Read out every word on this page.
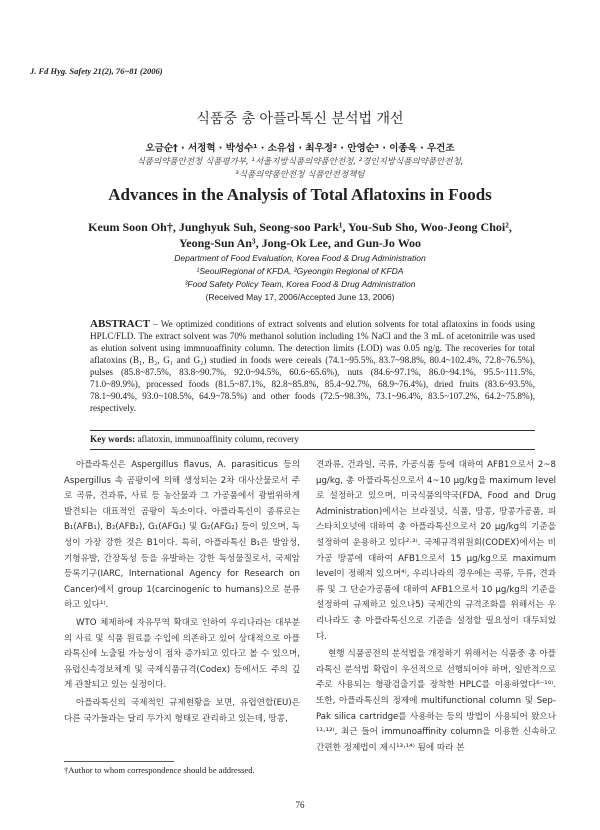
J. Fd Hyg. Safety 21(2), 76~81 (2006)
식품중 총 아플라톡신 분석법 개선
오금순† · 서정혁 · 박성수¹ · 소유섭 · 최우정² · 안영순³ · 이종옥 · 우건조
식품의약품안전청 식품평가부, ¹서울지방식품의약품안전청, ²경인지방식품의약품안전청,
³식품의약품안전청 식품안전정책팀
Advances in the Analysis of Total Aflatoxins in Foods
Keum Soon Oh†, Junghyuk Suh, Seong-soo Park¹, You-Sub Sho, Woo-Jeong Choi²,
Yeong-Sun An³, Jong-Ok Lee, and Gun-Jo Woo
Department of Food Evaluation, Korea Food & Drug Administration
¹SeoulRegional of KFDA, ²Gyeongin Regional of KFDA
³Food Safety Policy Team, Korea Food & Drug Administration
(Received May 17, 2006/Accepted June 13, 2006)
ABSTRACT – We optimized conditions of extract solvents and elution solvents for total aflatoxins in foods using HPLC/FLD. The extract solvent was 70% methanol solution including 1% NaCl and the 3 mL of acetonitrile was used as elution solvent using immnuoaffinity column. The detection limits (LOD) was 0.05 ng/g. The recoveries for total aflatoxins (B₁, B₂, G₁ and G₂) studied in foods were cereals (74.1~95.5%, 83.7~98.8%, 80.4~102.4%, 72.8~76.5%), pulses (85.8~87.5%, 83.8~90.7%, 92.0~94.5%, 60.6~65.6%), nuts (84.6~97.1%, 86.0~94.1%, 95.5~111.5%, 71.0~89.9%), processed foods (81.5~87.1%, 82.8~85.8%, 85.4~92.7%, 68.9~76.4%), dried fruits (83.6~93.5%, 78.1~90.4%, 93.0~108.5%, 64.9~78.5%) and other foods (72.5~98.3%, 73.1~96.4%, 83.5~107.2%, 64.2~75.8%), respectively.
Key words: aflatoxin, immunoaffinity column, recovery

아플라톡신은 Aspergillus flavus, A. parasiticus 등의 Aspergillus 속 곰팡이에 의해 생성되는 2차 대사산물로서 주로 곡류, 견과류, 사료 등 농산물과 그 가공품에서 광범위하게 발견되는 대표적인 곰팡이 독소이다. 아플라톡신이 종류로는 B₁(AFB₁), B₂(AFB₂), G₁(AFG₁) 및 G₂(AFG₂) 등이 있으며, 독성이 가장 강한 것은 B1이다. 특히, 아플라톡신 B₁은 발암성, 기형유발, 간장독성 등을 유발하는 강한 독성물질로서, 국제암등록기구(IARC, International Agency for Research on Cancer)에서 group 1(carcinogenic to humans)으로 분류하고 있다¹⁾.

WTO 체제하에 자유무역 확대로 인하여 우리나라는 대부분의 사료 및 식품 원료를 수입에 의존하고 있어 상대적으로 아플라톡신에 노출될 가능성이 점차 증가되고 있다고 볼 수 있으며, 유럽신속경보체계 및 국제식품규격(Codex) 등에서도 주의 깊게 관찰되고 있는 실정이다.

아플라톡신의 국제적인 규제현황을 보면, 유럽연합(EU)은 다른 국가들과는 달리 두가지 형태로 관리하고 있는데, 땅콩,

견과류, 건과일, 곡류, 가공식품 등에 대하여 AFB1으로서 2~8 μg/kg, 총 아플라톡신으로서 4~10 μg/kg을 maximum level로 설정하고 있으며, 미국식품의약국(FDA, Food and Drug Administration)에서는 브라질넛, 식품, 땅콩, 땅콩가공품, 피스타치오넛에 대하여 총 아플라톡신으로서 20 μg/kg의 기준을 설정하여 운용하고 있다²·³⁾. 국제규격위원회(CODEX)에서는 비가공 땅콩에 대하여 AFB1으로서 15 μg/kg으로 maximum level이 정해져 있으며⁴⁾, 우리나라의 경우에는 곡류, 두류, 견과류 및 그 단순가공품에 대하여 AFB1으로서 10 μg/kg의 기준을 설정하여 규제하고 있으나5) 국제간의 규격조화를 위해서는 우리나라도 총 아플라톡신으로 기준을 설정할 필요성이 대두되었다.

현행 식품공전의 분석법을 개정하기 위해서는 식품중 총 아플라톡신 분석법 확립이 우선적으로 선행되어야 하며, 일반적으로 주로 사용되는 형광검출기를 장착한 HPLC를 이용하였다⁶⁻¹⁰⁾. 또한, 아플라톡신의 정제에 multifunctional column 및 Sep-Pak silica cartridge를 사용하는 등의 방법이 사용되어 왔으나¹¹·¹²⁾, 최근 들어 immunoaffinity column을 이용한 신속하고 간편한 정제법이 제시¹³·¹⁴⁾ 됨에 따라 본

†Author to whom correspondence should be addressed.
76
